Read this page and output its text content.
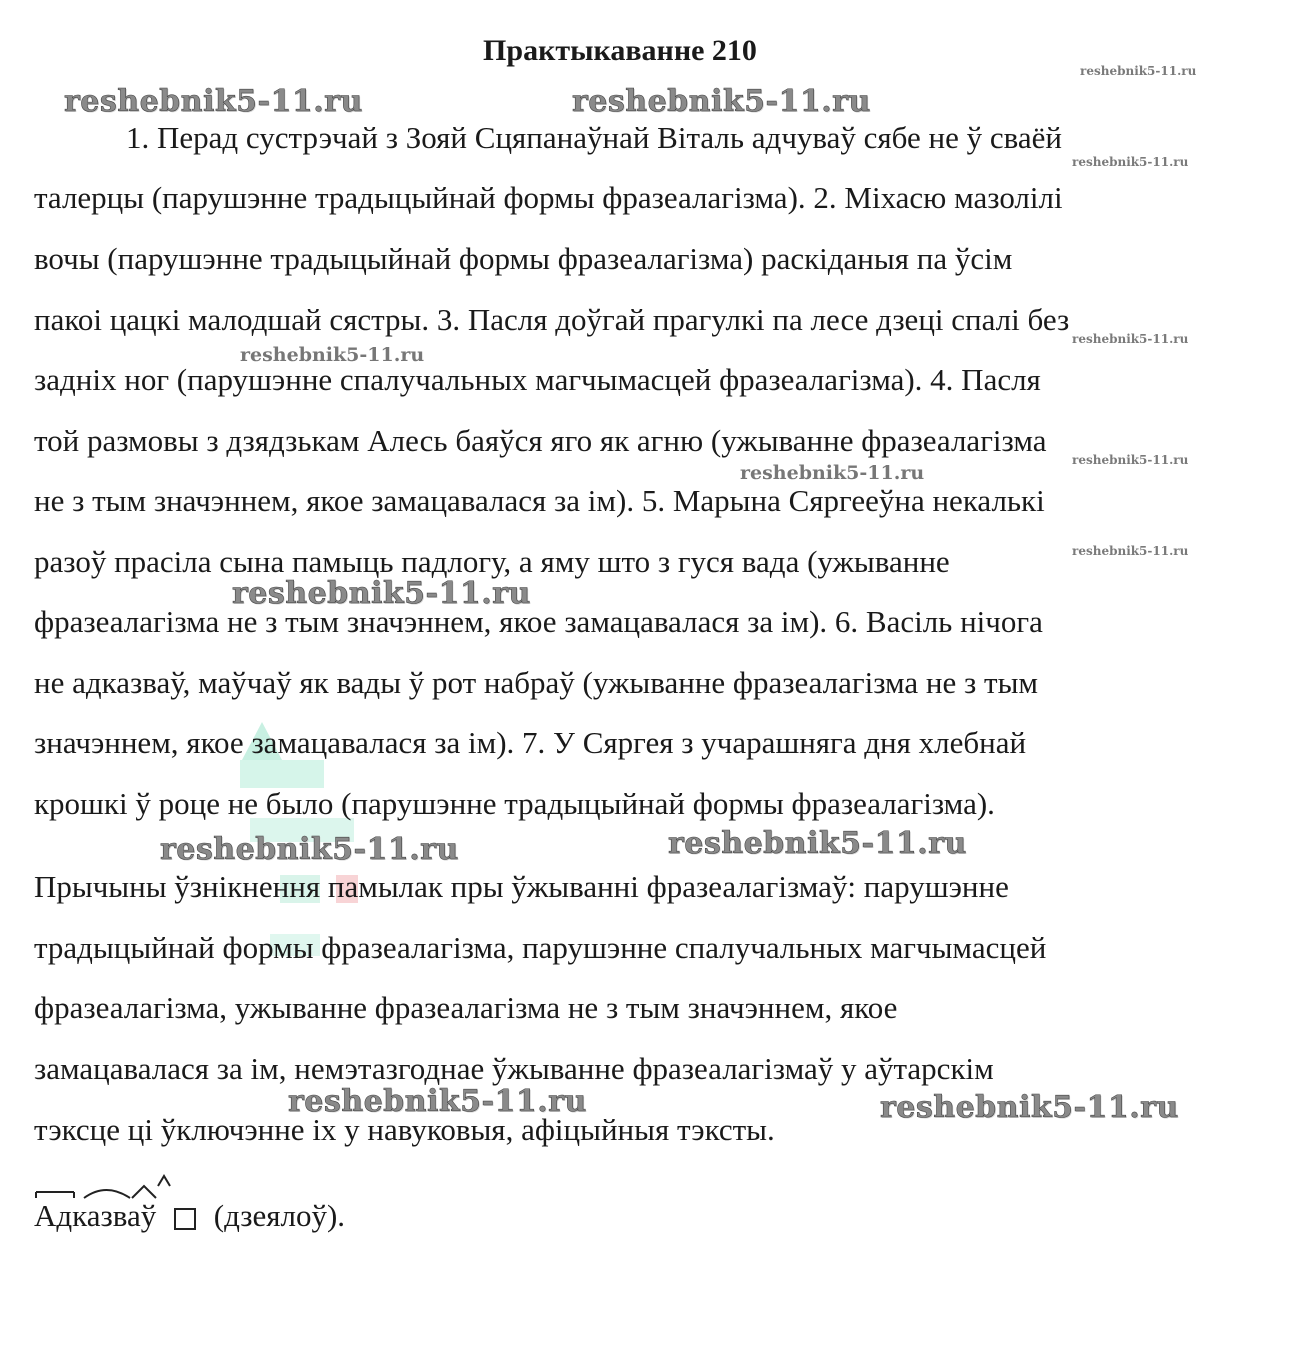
Практыкаванне 210
1. Перад сустрэчай з Зояй Сцяпанаўнай Віталь адчуваў сябе не ў сваёй
талерцы (парушэнне традыцыйнай формы фразеалагізма). 2. Міхасю мазолілі
вочы (парушэнне традыцыйнай формы фразеалагізма) раскіданыя па ўсім
пакоі цацкі малодшай сястры. 3. Пасля доўгай прагулкі па лесе дзеці спалі без
задніх ног (парушэнне спалучальных магчымасцей фразеалагізма). 4. Пасля
той размовы з дзядзькам Алесь баяўся яго як агню (ужыванне фразеалагізма
не з тым значэннем, якое замацавалася за ім). 5. Марына Сяргееўна некалькі
разоў прасіла сына памыць падлогу, а яму што з гуся вада (ужыванне
фразеалагізма не з тым значэннем, якое замацавалася за ім). 6. Васіль нічога
не адказваў, маўчаў як вады ў рот набраў (ужыванне фразеалагізма не з тым
значэннем, якое замацавалася за ім). 7. У Сяргея з учарашняга дня хлебнай
крошкі ў роце не было (парушэнне традыцыйнай формы фразеалагізма).
Прычыны ўзнікнення памылак пры ўжыванні фразеалагізмаў: парушэнне
традыцыйнай формы фразеалагізма, парушэнне спалучальных магчымасцей
фразеалагізма, ужыванне фразеалагізма не з тым значэннем, якое
замацавалася за ім, немэтазгоднае ўжыванне фразеалагізмаў у аўтарскім
тэксце ці ўключэнне іх у навуковыя, афіцыйныя тэксты.
Адказваў (дзеялоў).
reshebnik5-11.ru
reshebnik5-11.ru	reshebnik5-11.ru
reshebnik5-11.ru
reshebnik5-11.ru
reshebnik5-11.ru
reshebnik5-11.ru
reshebnik5-11.ru
reshebnik5-11.ru
reshebnik5-11.ru
reshebnik5-11.ru	reshebnik5-11.ru
reshebnik5-11.ru	reshebnik5-11.ru
